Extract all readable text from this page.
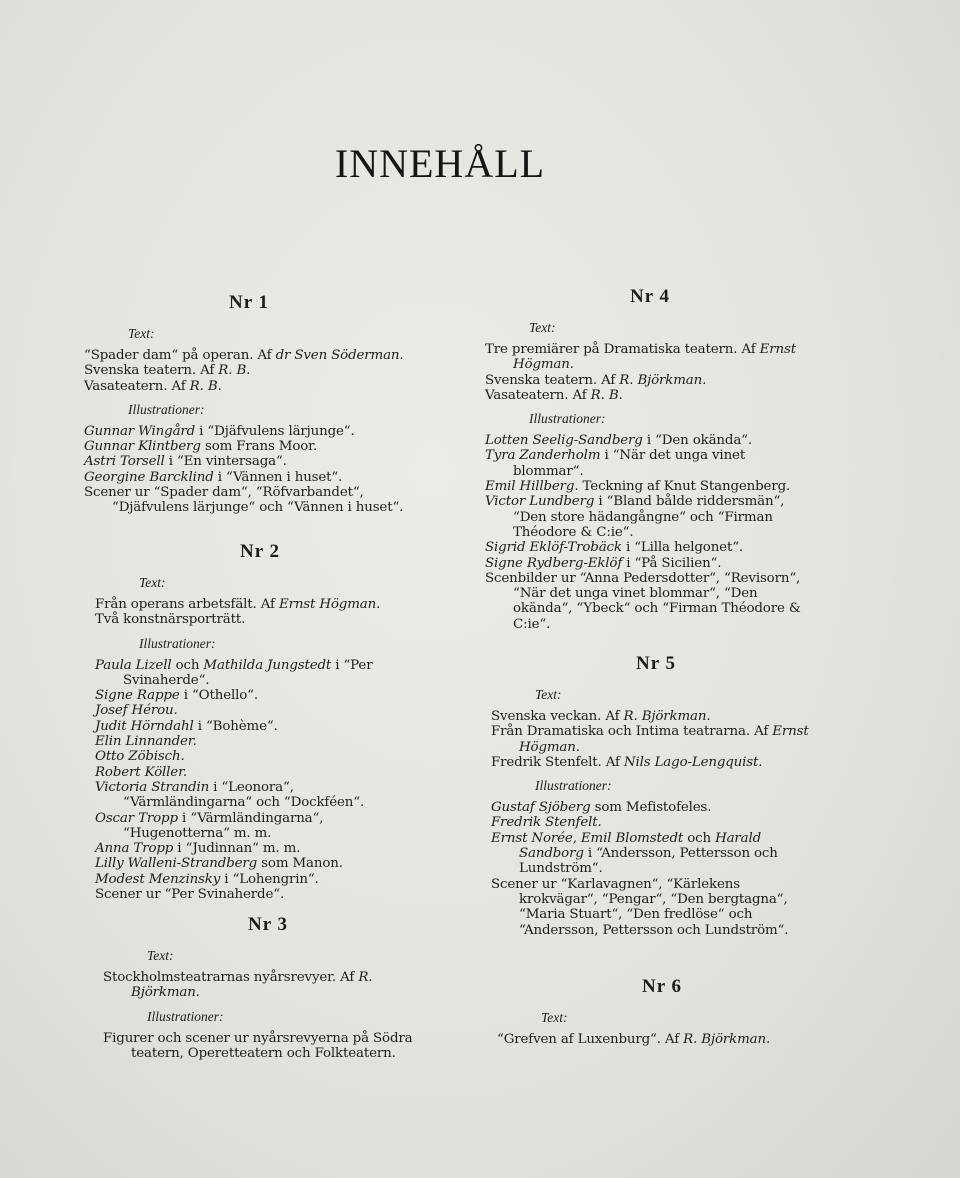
INNEHÅLL
Nr 1
Text:
“Spader dam“ på operan. Af dr Sven Söderman.
Svenska teatern. Af R. B.
Vasateatern. Af R. B.
Illustrationer:
Gunnar Wingård i “Djäfvulens lärjunge“.
Gunnar Klintberg som Frans Moor.
Astri Torsell i “En vintersaga“.
Georgine Barcklind i “Vännen i huset“.
Scener ur “Spader dam“, “Röfvarbandet“, “Djäfvulens lärjunge“ och “Vännen i huset“.
Nr 2
Text:
Från operans arbetsfält. Af Ernst Högman.
Två konstnärsporträtt.
Illustrationer:
Paula Lizell och Mathilda Jungstedt i “Per Svinaherde“.
Signe Rappe i “Othello“.
Josef Hérou.
Judit Hörndahl i “Bohème“.
Elin Linnander.
Otto Zöbisch.
Robert Köller.
Victoria Strandin i “Leonora“, “Värmländingarna“ och “Dockféen“.
Oscar Tropp i “Värmländingarna“, “Hugenotterna“ m. m.
Anna Tropp i “Judinnan“ m. m.
Lilly Walleni-Strandberg som Manon.
Modest Menzinsky i “Lohengrin“.
Scener ur “Per Svinaherde“.
Nr 3
Text:
Stockholmsteatrarnas nyårsrevyer. Af R. Björkman.
Illustrationer:
Figurer och scener ur nyårsrevyerna på Södra teatern, Operetteatern och Folkteatern.
Nr 4
Text:
Tre premiärer på Dramatiska teatern. Af Ernst Högman.
Svenska teatern. Af R. Björkman.
Vasateatern. Af R. B.
Illustrationer:
Lotten Seelig-Sandberg i “Den okända“.
Tyra Zanderholm i “När det unga vinet blommar“.
Emil Hillberg. Teckning af Knut Stangenberg.
Victor Lundberg i “Bland bålde riddersmän“, “Den store hädangångne“ och “Firman Théodore & C:ie“.
Sigrid Eklöf-Trobäck i “Lilla helgonet“.
Signe Rydberg-Eklöf i “På Sicilien“.
Scenbilder ur “Anna Pedersdotter“, “Revisorn“, “När det unga vinet blommar“, “Den okända“, “Ybeck“ och “Firman Théodore & C:ie“.
Nr 5
Text:
Svenska veckan. Af R. Björkman.
Från Dramatiska och Intima teatrarna. Af Ernst Högman.
Fredrik Stenfelt. Af Nils Lago-Lengquist.
Illustrationer:
Gustaf Sjöberg som Mefistofeles.
Fredrik Stenfelt.
Ernst Norée, Emil Blomstedt och Harald Sandborg i “Andersson, Pettersson och Lundström“.
Scener ur “Karlavagnen“, “Kärlekens krokvägar“, “Pengar“, “Den bergtagna“, “Maria Stuart“, “Den fredlöse“ och “Andersson, Pettersson och Lundström“.
Nr 6
Text:
“Grefven af Luxenburg“. Af R. Björkman.
